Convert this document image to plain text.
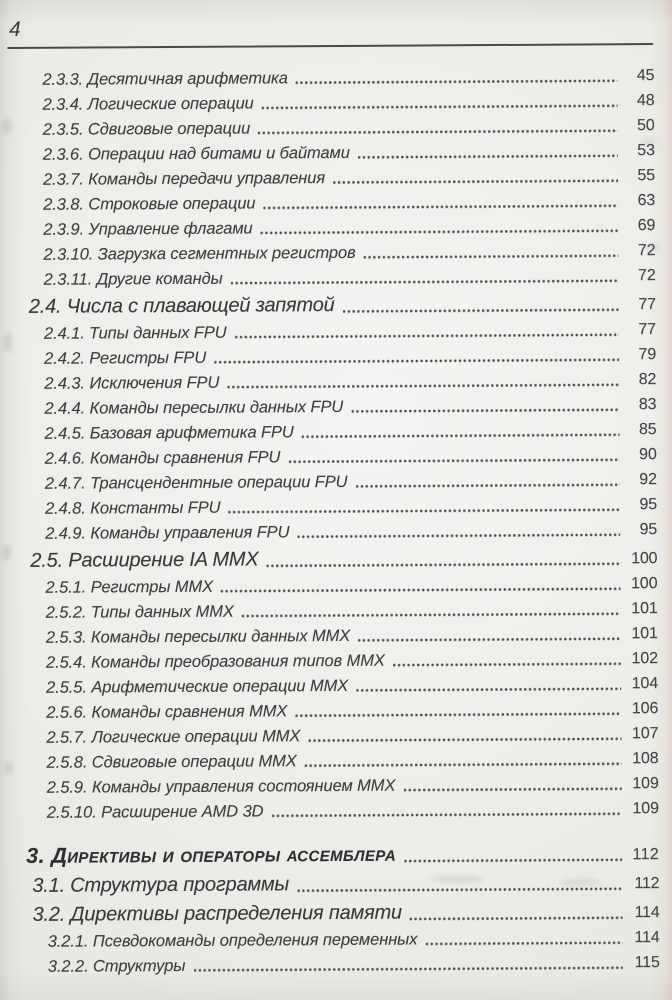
4
2.3.3. Десятичная арифметика	45
2.3.4. Логические операции	48
2.3.5. Сдвиговые операции	50
2.3.6. Операции над битами и байтами	53
2.3.7. Команды передачи управления	55
2.3.8. Строковые операции	63
2.3.9. Управление флагами	69
2.3.10. Загрузка сегментных регистров	72
2.3.11. Другие команды	72
2.4. Числа с плавающей запятой	77
2.4.1. Типы данных FPU	77
2.4.2. Регистры FPU	79
2.4.3. Исключения FPU	82
2.4.4. Команды пересылки данных FPU	83
2.4.5. Базовая арифметика FPU	85
2.4.6. Команды сравнения FPU	90
2.4.7. Трансцендентные операции FPU	92
2.4.8. Константы FPU	95
2.4.9. Команды управления FPU	95
2.5. Расширение IA MMX	100
2.5.1. Регистры MMX	100
2.5.2. Типы данных MMX	101
2.5.3. Команды пересылки данных MMX	101
2.5.4. Команды преобразования типов MMX	102
2.5.5. Арифметические операции MMX	104
2.5.6. Команды сравнения MMX	106
2.5.7. Логические операции MMX	107
2.5.8. Сдвиговые операции MMX	108
2.5.9. Команды управления состоянием MMX	109
2.5.10. Расширение AMD 3D	109
3. Директивы и операторы ассемблера	112
3.1. Структура программы	112
3.2. Директивы распределения памяти	114
3.2.1. Псевдокоманды определения переменных	114
3.2.2. Структуры	115
